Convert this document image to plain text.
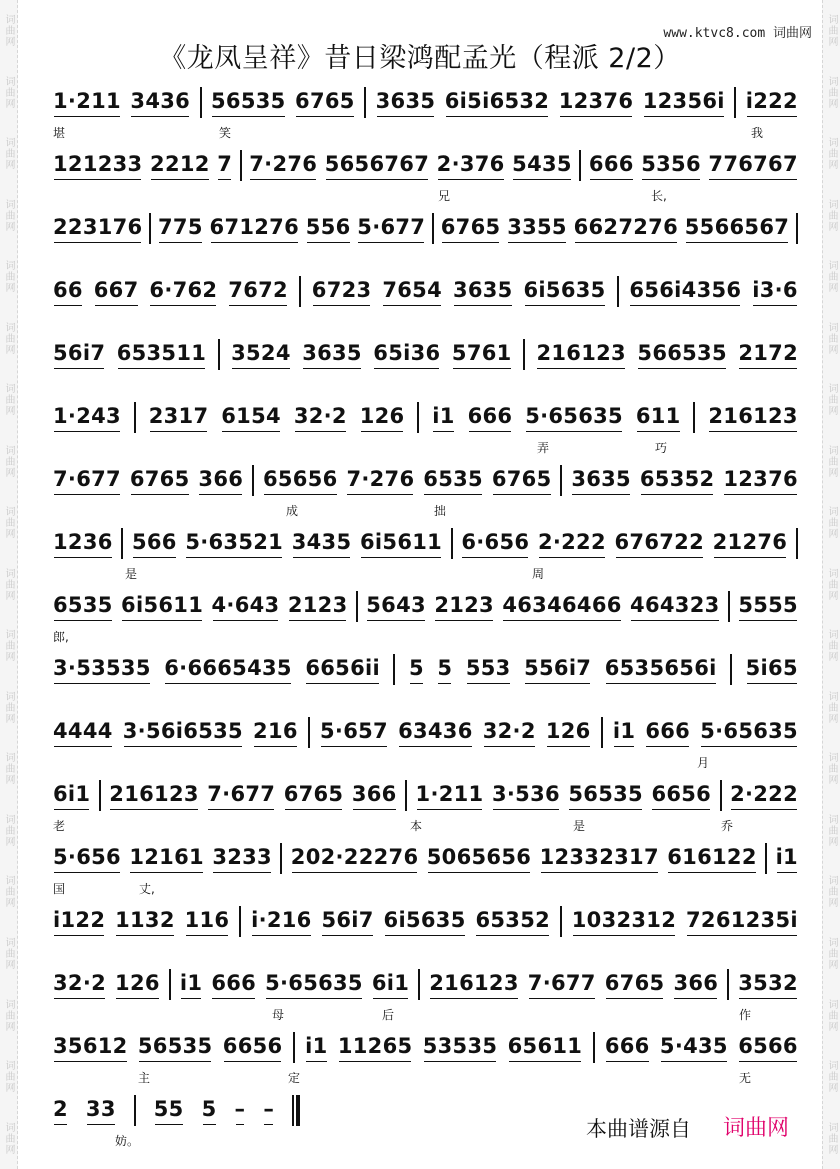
词曲网
词曲网
词曲网
词曲网
词曲网
词曲网
词曲网
词曲网
词曲网
词曲网
词曲网
词曲网
词曲网
词曲网
词曲网
词曲网
词曲网
词曲网
词曲网
词曲网
词曲网
词曲网
词曲网
词曲网
词曲网
词曲网
词曲网
词曲网
词曲网
词曲网
词曲网
词曲网
词曲网
词曲网
词曲网
词曲网
词曲网
词曲网
www.ktvc8.com 词曲网
《龙凤呈祥》昔日梁鸿配孟光（程派 2/2）
1·211 3436 56535 6765 3635 6i5i6532 12376 12356i i222
堪	笑	我
121233 2212 7 7·276 5656767 2·376 5435 666 5356 776767
兄	长,
223176 775 671276 556 5·677 6765 3355 6627276 5566567
66 667 6·762 7672 6723 7654 3635 6i5635 656i4356 i3·6
56i7 653511 3524 3635 65i36 5761 216123 566535 2172
1·243 2317 6154 32·2 126 i1 666 5·65635 611 216123
弄	巧
7·677 6765 366 65656 7·276 6535 6765 3635 65352 12376
成	拙
1236 566 5·63521 3435 6i5611 6·656 2·222 676722 21276
是	周
6535 6i5611 4·643 2123 5643 2123 46346466 464323 5555
郎,
3·53535 6·6665435 6656ii 5 5 553 556i7 6535656i 5i65
4444 3·56i6535 216 5·657 63436 32·2 126 i1 666 5·65635
月
6i1 216123 7·677 6765 366 1·211 3·536 56535 6656 2·222
老	本	是	乔
5·656 12161 3233 202·22276 5065656 12332317 616122 i1
国	丈,
i122 1132 116 i·216 56i7 6i5635 65352 1032312 7261235i
32·2 126 i1 666 5·65635 6i1 216123 7·677 6765 366 3532
母	后	作
35612 56535 6656 i1 11265 53535 65611 666 5·435 6566
主	定	无
2 33 55 5 – –
妨。	本曲谱源自 词曲网
